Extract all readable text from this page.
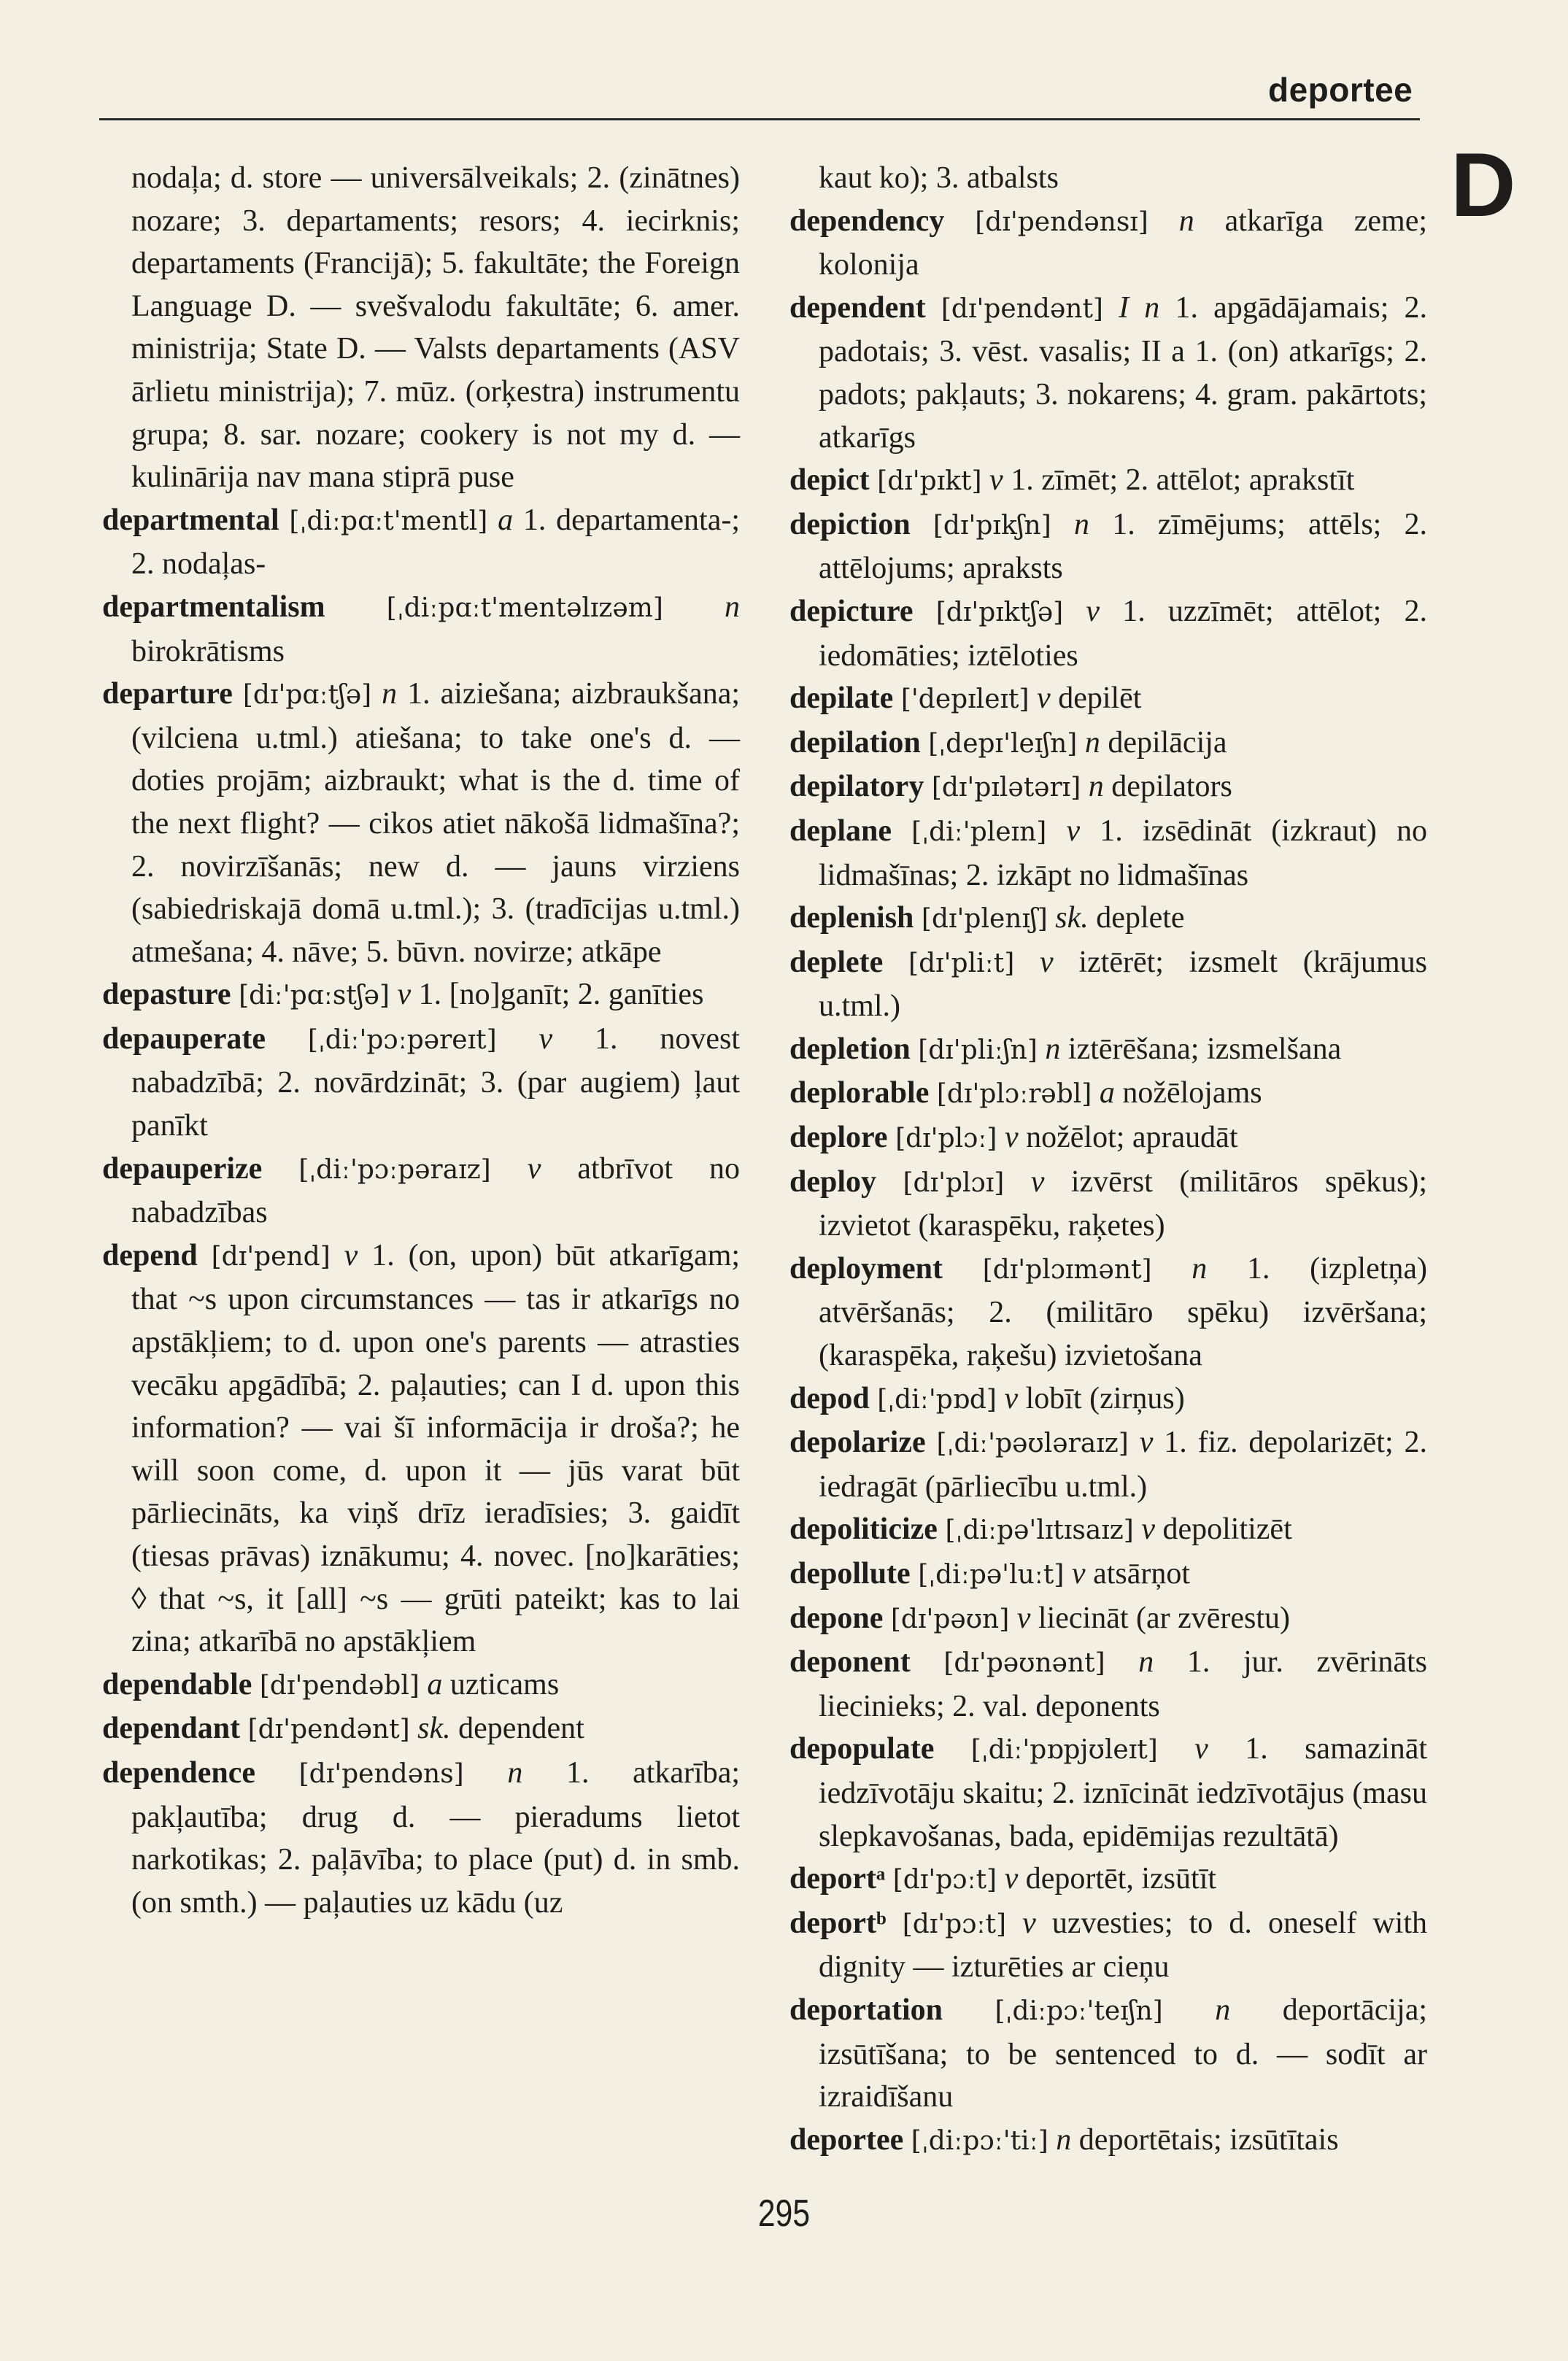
deportee
D

nodaļa; d. store — universālveikals; 2. (zinātnes) nozare; 3. departaments; resors; 4. iecirknis; departaments (Francijā); 5. fakultāte; the Foreign Language D. — svešvalodu fakultāte; 6. amer. ministrija; State D. — Valsts departaments (ASV ārlietu ministrija); 7. mūz. (orķestra) instrumentu grupa; 8. sar. nozare; cookery is not my d. — kulinārija nav mana stiprā puse

departmental [ˌdiːpɑːt'mentl] a 1. departamenta-; 2. nodaļas-

departmentalism [ˌdiːpɑːt'mentəlɪzəm] n birokrātisms

departure [dɪ'pɑːtʃə] n 1. aiziešana; aizbraukšana; (vilciena u.tml.) atiešana; to take one's d. — doties projām; aizbraukt; what is the d. time of the next flight? — cikos atiet nākošā lidmašīna?; 2. novirzīšanās; new d. — jauns virziens (sabiedriskajā domā u.tml.); 3. (tradīcijas u.tml.) atmešana; 4. nāve; 5. būvn. novirze; atkāpe

depasture [diː'pɑːstʃə] v 1. [no]ganīt; 2. ganīties

depauperate [ˌdiː'pɔːpəreɪt] v 1. novest nabadzībā; 2. novārdzināt; 3. (par augiem) ļaut panīkt

depauperize [ˌdiː'pɔːpəraɪz] v atbrīvot no nabadzības

depend [dɪ'pend] v 1. (on, upon) būt atkarīgam; that ~s upon circumstances — tas ir atkarīgs no apstākļiem; to d. upon one's parents — atrasties vecāku apgādībā; 2. paļauties; can I d. upon this information? — vai šī informācija ir droša?; he will soon come, d. upon it — jūs varat būt pārliecināts, ka viņš drīz ieradīsies; 3. gaidīt (tiesas prāvas) iznākumu; 4. novec. [no]karāties; ◊ that ~s, it [all] ~s — grūti pateikt; kas to lai zina; atkarībā no apstākļiem

dependable [dɪ'pendəbl] a uzticams

dependant [dɪ'pendənt] sk. dependent

dependence [dɪ'pendəns] n 1. atkarība; pakļautība; drug d. — pieradums lietot narkotikas; 2. paļāvība; to place (put) d. in smb. (on smth.) — paļauties uz kādu (uz

kaut ko); 3. atbalsts

dependency [dɪ'pendənsɪ] n atkarīga zeme; kolonija

dependent [dɪ'pendənt] I n 1. apgādājamais; 2. padotais; 3. vēst. vasalis; II a 1. (on) atkarīgs; 2. padots; pakļauts; 3. nokarens; 4. gram. pakārtots; atkarīgs

depict [dɪ'pɪkt] v 1. zīmēt; 2. attēlot; aprakstīt

depiction [dɪ'pɪkʃn] n 1. zīmējums; attēls; 2. attēlojums; apraksts

depicture [dɪ'pɪktʃə] v 1. uzzīmēt; attēlot; 2. iedomāties; iztēloties

depilate ['depɪleɪt] v depilēt

depilation [ˌdepɪ'leɪʃn] n depilācija

depilatory [dɪ'pɪlətərɪ] n depilators

deplane [ˌdiː'pleɪn] v 1. izsēdināt (izkraut) no lidmašīnas; 2. izkāpt no lidmašīnas

deplenish [dɪ'plenɪʃ] sk. deplete

deplete [dɪ'pliːt] v iztērēt; izsmelt (krājumus u.tml.)

depletion [dɪ'pliːʃn] n iztērēšana; izsmelšana

deplorable [dɪ'plɔːrəbl] a nožēlojams

deplore [dɪ'plɔː] v nožēlot; apraudāt

deploy [dɪ'plɔɪ] v izvērst (militāros spēkus); izvietot (karaspēku, raķetes)

deployment [dɪ'plɔɪmənt] n 1. (izpletņa) atvēršanās; 2. (militāro spēku) izvēršana; (karaspēka, raķešu) izvietošana

depod [ˌdiː'pɒd] v lobīt (zirņus)

depolarize [ˌdiː'pəʊləraɪz] v 1. fiz. depolarizēt; 2. iedragāt (pārliecību u.tml.)

depoliticize [ˌdiːpə'lɪtɪsaɪz] v depolitizēt

depollute [ˌdiːpə'luːt] v atsārņot

depone [dɪ'pəʊn] v liecināt (ar zvērestu)

deponent [dɪ'pəʊnənt] n 1. jur. zvērināts liecinieks; 2. val. deponents

depopulate [ˌdiː'pɒpjʊleɪt] v 1. samazināt iedzīvotāju skaitu; 2. iznīcināt iedzīvotājus (masu slepkavošanas, bada, epidēmijas rezultātā)

deportᵃ [dɪ'pɔːt] v deportēt, izsūtīt

deportᵇ [dɪ'pɔːt] v uzvesties; to d. oneself with dignity — izturēties ar cieņu

deportation [ˌdiːpɔː'teɪʃn] n deportācija; izsūtīšana; to be sentenced to d. — sodīt ar izraidīšanu

deportee [ˌdiːpɔː'tiː] n deportētais; izsūtītais

295
